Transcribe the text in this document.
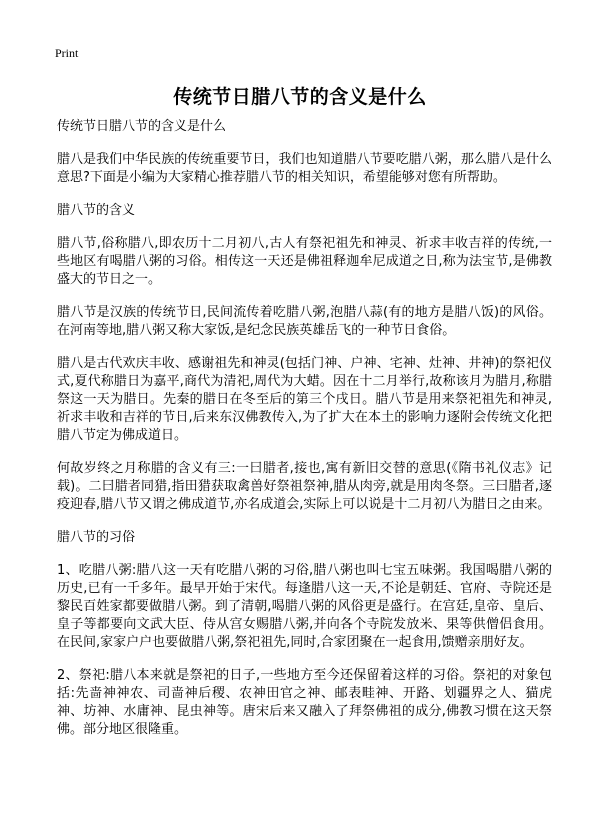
Print
传统节日腊八节的含义是什么

传统节日腊八节的含义是什么

腊八是我们中华民族的传统重要节日，我们也知道腊八节要吃腊八粥，那么腊八是什么意思?下面是小编为大家精心推荐腊八节的相关知识，希望能够对您有所帮助。

腊八节的含义

腊八节,俗称腊八,即农历十二月初八,古人有祭祀祖先和神灵、祈求丰收吉祥的传统,一些地区有喝腊八粥的习俗。相传这一天还是佛祖释迦牟尼成道之日,称为法宝节,是佛教盛大的节日之一。

腊八节是汉族的传统节日,民间流传着吃腊八粥,泡腊八蒜(有的地方是腊八饭)的风俗。在河南等地,腊八粥又称大家饭,是纪念民族英雄岳飞的一种节日食俗。

腊八是古代欢庆丰收、感谢祖先和神灵(包括门神、户神、宅神、灶神、井神)的祭祀仪式,夏代称腊日为嘉平,商代为清祀,周代为大蜡。因在十二月举行,故称该月为腊月,称腊祭这一天为腊日。先秦的腊日在冬至后的第三个戌日。腊八节是用来祭祀祖先和神灵,祈求丰收和吉祥的节日,后来东汉佛教传入,为了扩大在本土的影响力逐附会传统文化把腊八节定为佛成道日。

何故岁终之月称腊的含义有三:一曰腊者,接也,寓有新旧交替的意思(《隋书礼仪志》记载)。二曰腊者同猎,指田猎获取禽兽好祭祖祭神,腊从肉旁,就是用肉冬祭。三曰腊者,逐疫迎春,腊八节又谓之佛成道节,亦名成道会,实际上可以说是十二月初八为腊日之由来。

腊八节的习俗

1、吃腊八粥:腊八这一天有吃腊八粥的习俗,腊八粥也叫七宝五味粥。我国喝腊八粥的历史,已有一千多年。最早开始于宋代。每逢腊八这一天,不论是朝廷、官府、寺院还是黎民百姓家都要做腊八粥。到了清朝,喝腊八粥的风俗更是盛行。在宫廷,皇帝、皇后、皇子等都要向文武大臣、侍从宫女赐腊八粥,并向各个寺院发放米、果等供僧侣食用。在民间,家家户户也要做腊八粥,祭祀祖先,同时,合家团聚在一起食用,馈赠亲朋好友。

2、祭祀:腊八本来就是祭祀的日子,一些地方至今还保留着这样的习俗。祭祀的对象包括:先啬神神农、司啬神后稷、农神田官之神、邮表畦神、开路、划疆界之人、猫虎神、坊神、水庸神、昆虫神等。唐宋后来又融入了拜祭佛祖的成分,佛教习惯在这天祭佛。部分地区很隆重。
